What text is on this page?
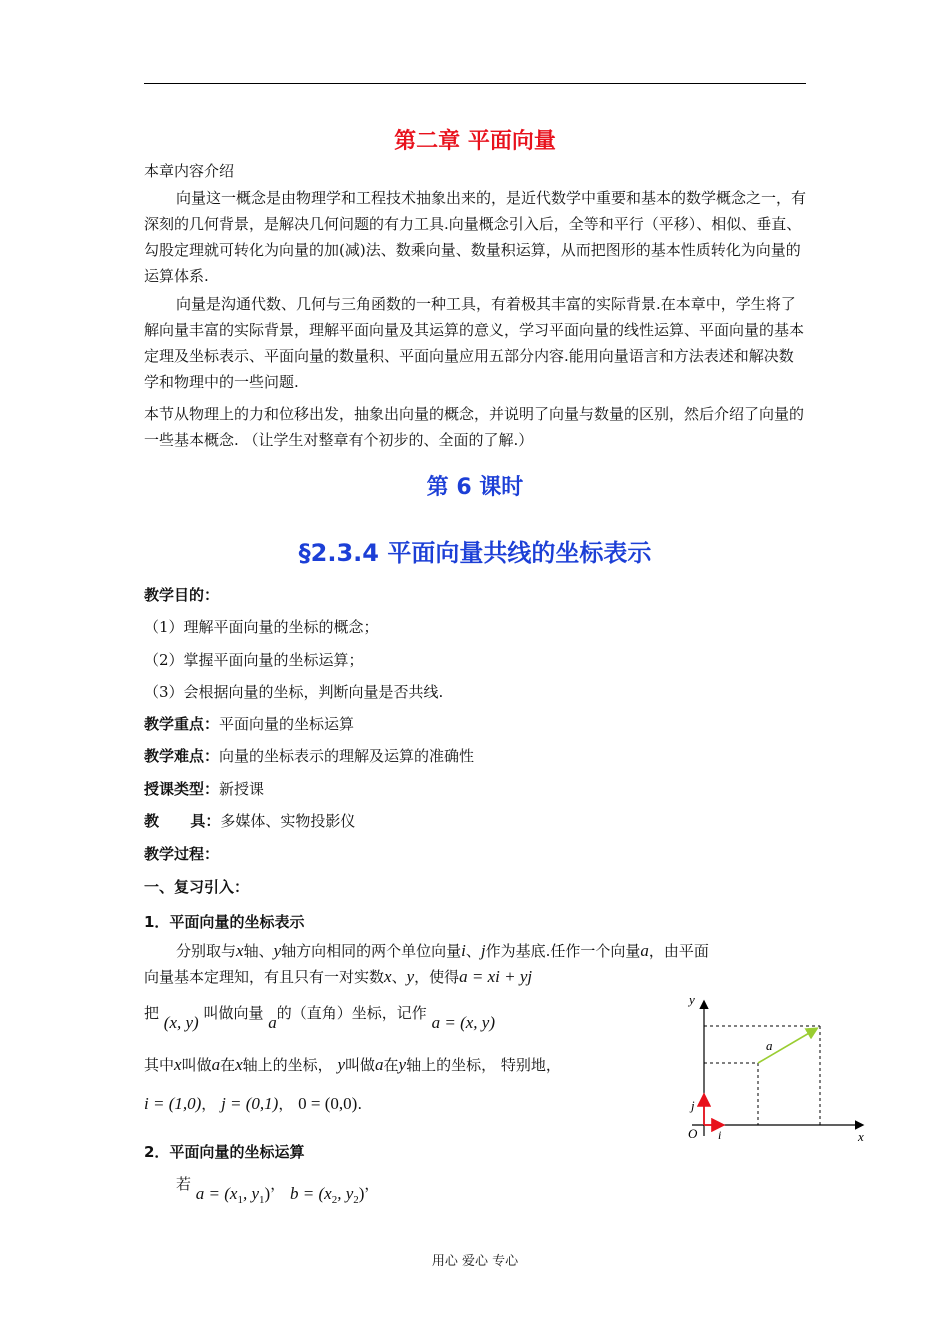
第二章 平面向量
本章内容介绍
向量这一概念是由物理学和工程技术抽象出来的，是近代数学中重要和基本的数学概念之一，有深刻的几何背景，是解决几何问题的有力工具.向量概念引入后，全等和平行（平移）、相似、垂直、勾股定理就可转化为向量的加(减)法、数乘向量、数量积运算，从而把图形的基本性质转化为向量的运算体系.
向量是沟通代数、几何与三角函数的一种工具，有着极其丰富的实际背景.在本章中，学生将了解向量丰富的实际背景，理解平面向量及其运算的意义，学习平面向量的线性运算、平面向量的基本定理及坐标表示、平面向量的数量积、平面向量应用五部分内容.能用向量语言和方法表述和解决数学和物理中的一些问题.
本节从物理上的力和位移出发，抽象出向量的概念，并说明了向量与数量的区别，然后介绍了向量的一些基本概念. （让学生对整章有个初步的、全面的了解.）
第 6 课时
§2.3.4 平面向量共线的坐标表示
教学目的：
（1）理解平面向量的坐标的概念；
（2）掌握平面向量的坐标运算；
（3）会根据向量的坐标，判断向量是否共线.
教学重点：平面向量的坐标运算
教学难点：向量的坐标表示的理解及运算的准确性
授课类型：新授课
教      具：多媒体、实物投影仪
教学过程：
一、复习引入：
1．平面向量的坐标表示
分别取与x轴、y轴方向相同的两个单位向量i、j作为基底.任作一个向量a，由平面
向量基本定理知，有且只有一对实数x、y，使得a = xi + yj
把 (x, y) 叫做向量 a的（直角）坐标，记作 a = (x, y)
其中x叫做a在x轴上的坐标， y叫做a在y轴上的坐标， 特别地，
i = (1,0)， j = (0,1)， 0 = (0,0).
2．平面向量的坐标运算
若 $a = (x_1$, $y_1$)， $b = (x_2$, $y_2$)，
y
x
O i
j
a
用心 爱心 专心
